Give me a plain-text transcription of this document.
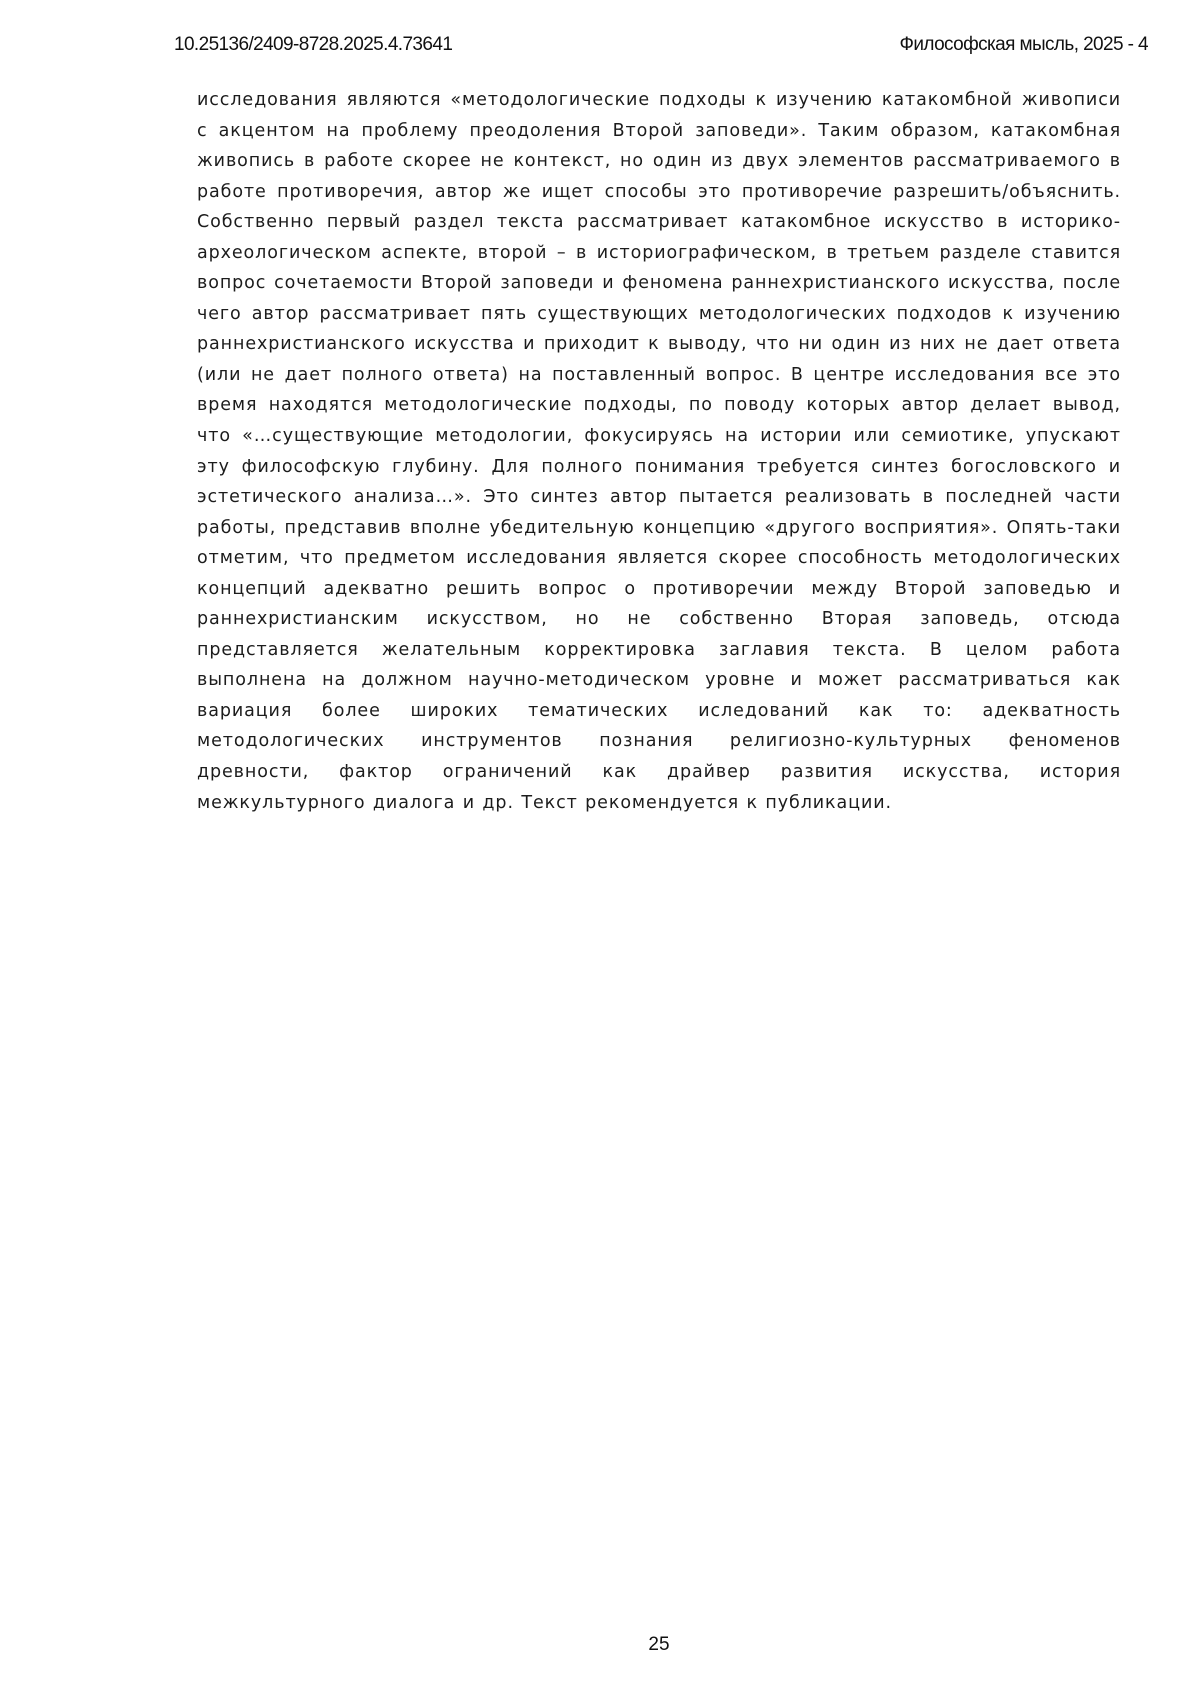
10.25136/2409-8728.2025.4.73641	Философская мысль, 2025 - 4

исследования являются «методологические подходы к изучению катакомбной живописи с акцентом на проблему преодоления Второй заповеди». Таким образом, катакомбная живопись в работе скорее не контекст, но один из двух элементов рассматриваемого в работе противоречия, автор же ищет способы это противоречие разрешить/объяснить. Собственно первый раздел текста рассматривает катакомбное искусство в историко-археологическом аспекте, второй – в историографическом, в третьем разделе ставится вопрос сочетаемости Второй заповеди и феномена раннехристианского искусства, после чего автор рассматривает пять существующих методологических подходов к изучению раннехристианского искусства и приходит к выводу, что ни один из них не дает ответа (или не дает полного ответа) на поставленный вопрос. В центре исследования все это время находятся методологические подходы, по поводу которых автор делает вывод, что «…существующие методологии, фокусируясь на истории или семиотике, упускают эту философскую глубину. Для полного понимания требуется синтез богословского и эстетического анализа…». Это синтез автор пытается реализовать в последней части работы, представив вполне убедительную концепцию «другого восприятия». Опять-таки отметим, что предметом исследования является скорее способность методологических концепций адекватно решить вопрос о противоречии между Второй заповедью и раннехристианским искусством, но не собственно Вторая заповедь, отсюда представляется желательным корректировка заглавия текста. В целом работа выполнена на должном научно-методическом уровне и может рассматриваться как вариация более широких тематических иследований как то: адекватность методологических инструментов познания религиозно-культурных феноменов древности, фактор ограничений как драйвер развития искусства, история межкультурного диалога и др. Текст рекомендуется к публикации.

25
